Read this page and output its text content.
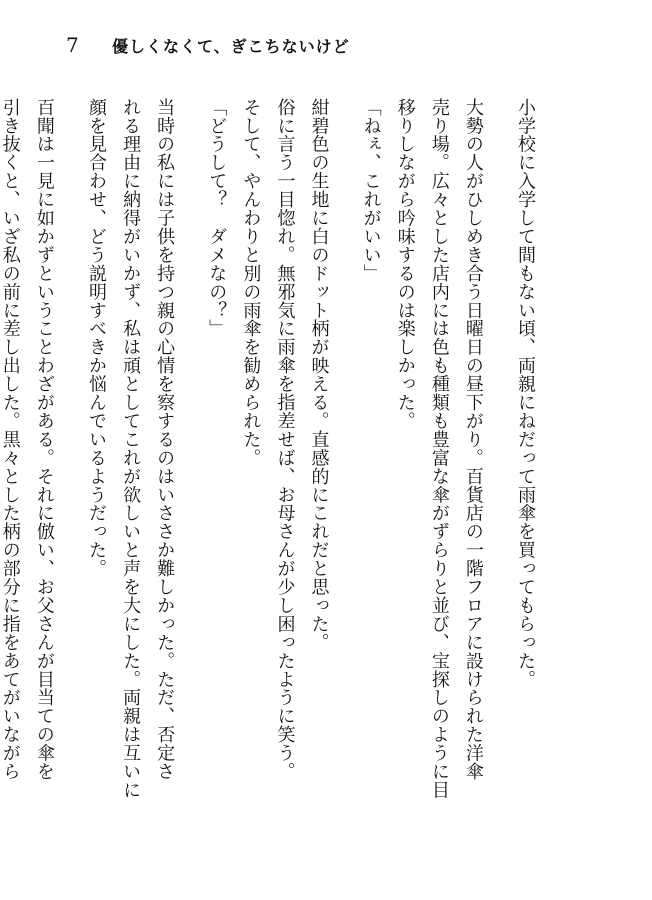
7	優しくなくて、ぎこちないけど
小学校に入学して間もない頃、両親にねだって雨傘を買ってもらった。
大勢の人がひしめき合う日曜日の昼下がり。百貨店の一階フロアに設けられた洋傘
売り場。広々とした店内には色も種類も豊富な傘がずらりと並び、宝探しのように目
移りしながら吟味するのは楽しかった。
「ねぇ、これがいい」
紺碧色の生地に白のドット柄が映える。直感的にこれだと思った。
俗に言う一目惚れ。無邪気に雨傘を指差せば、お母さんが少し困ったように笑う。
そして、やんわりと別の雨傘を勧められた。
「どうして？　ダメなの？」
当時の私には子供を持つ親の心情を察するのはいささか難しかった。ただ、否定さ
れる理由に納得がいかず、私は頑としてこれが欲しいと声を大にした。両親は互いに
顔を見合わせ、どう説明すべきか悩んでいるようだった。
百聞は一見に如かずということわざがある。それに倣い、お父さんが目当ての傘を
引き抜くと、いざ私の前に差し出した。黒々とした柄の部分に指をあてがいながら
